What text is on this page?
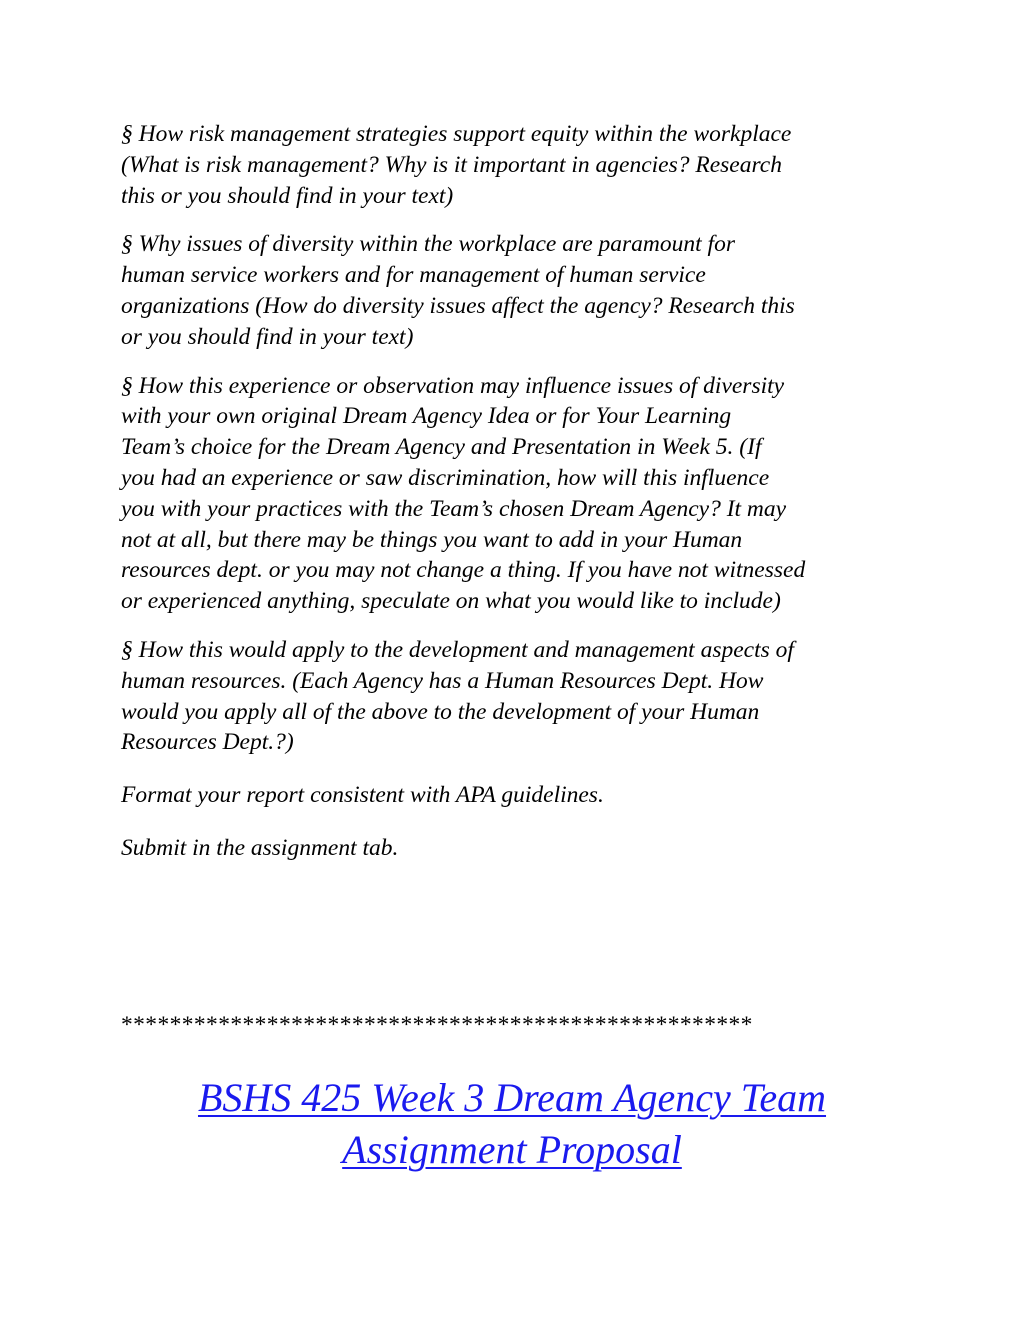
§ How risk management strategies support equity within the workplace
(What is risk management? Why is it important in agencies? Research
this or you should find in your text)

§ Why issues of diversity within the workplace are paramount for
human service workers and for management of human service
organizations (How do diversity issues affect the agency? Research this
or you should find in your text)

§ How this experience or observation may influence issues of diversity
with your own original Dream Agency Idea or for Your Learning
Team’s choice for the Dream Agency and Presentation in Week 5. (If
you had an experience or saw discrimination, how will this influence
you with your practices with the Team’s chosen Dream Agency? It may
not at all, but there may be things you want to add in your Human
resources dept. or you may not change a thing. If you have not witnessed
or experienced anything, speculate on what you would like to include)

§ How this would apply to the development and management aspects of
human resources. (Each Agency has a Human Resources Dept. How
would you apply all of the above to the development of your Human
Resources Dept.?)

Format your report consistent with APA guidelines.

Submit in the assignment tab.

****************************************************
BSHS 425 Week 3 Dream Agency Team
Assignment Proposal
